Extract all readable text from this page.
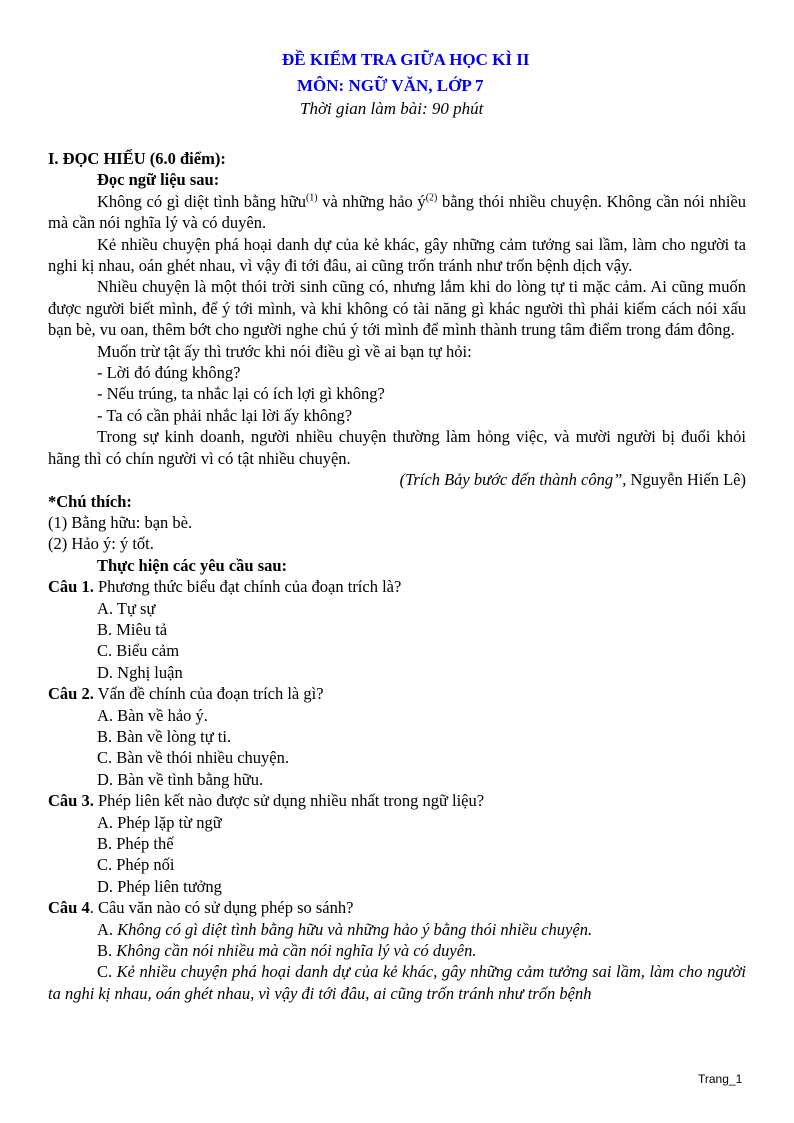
ĐỀ KIỂM TRA GIỮA HỌC KÌ II
MÔN: NGỮ VĂN, LỚP 7
Thời gian làm bài: 90 phút
I. ĐỌC HIỂU (6.0 điểm):
Đọc ngữ liệu sau:
Không có gì diệt tình bằng hữu$^{(1)}$ và những hảo $ý^{(2)}$ bằng thói nhiều chuyện. Không cần nói nhiều mà cần nói nghĩa lý và có duyên.
Kẻ nhiều chuyện phá hoại danh dự của kẻ khác, gây những cảm tưởng sai lầm, làm cho người ta nghi kị nhau, oán ghét nhau, vì vậy đi tới đâu, ai cũng trốn tránh như trốn bệnh dịch vậy.
Nhiều chuyện là một thói trời sinh cũng có, nhưng lắm khi do lòng tự ti mặc cảm. Ai cũng muốn được người biết mình, để ý tới mình, và khi không có tài năng gì khác người thì phải kiếm cách nói xấu bạn bè, vu oan, thêm bớt cho người nghe chú ý tới mình để mình thành trung tâm điểm trong đám đông.
Muốn trừ tật ấy thì trước khi nói điều gì về ai bạn tự hỏi:
- Lời đó đúng không?
- Nếu trúng, ta nhắc lại có ích lợi gì không?
- Ta có cần phải nhắc lại lời ấy không?
Trong sự kinh doanh, người nhiều chuyện thường làm hỏng việc, và mười người bị đuổi khỏi hãng thì có chín người vì có tật nhiều chuyện.
(Trích Bảy bước đến thành công”, Nguyễn Hiến Lê)
*Chú thích:
(1) Bằng hữu: bạn bè.
(2) Hảo ý: ý tốt.
Thực hiện các yêu cầu sau:
Câu 1. Phương thức biểu đạt chính của đoạn trích là?
A. Tự sự
B. Miêu tả
C. Biểu cảm
D. Nghị luận
Câu 2. Vấn đề chính của đoạn trích là gì?
A. Bàn về hảo ý.
B. Bàn về lòng tự ti.
C. Bàn về thói nhiều chuyện.
D. Bàn về tình bằng hữu.
Câu 3. Phép liên kết nào được sử dụng nhiều nhất trong ngữ liệu?
A. Phép lặp từ ngữ
B. Phép thế
C. Phép nối
D. Phép liên tưởng
Câu 4. Câu văn nào có sử dụng phép so sánh?
A. Không có gì diệt tình bằng hữu và những hảo ý bằng thói nhiều chuyện.
B. Không cần nói nhiều mà cần nói nghĩa lý và có duyên.
C. Kẻ nhiều chuyện phá hoại danh dự của kẻ khác, gây những cảm tưởng sai lầm, làm cho người ta nghi kị nhau, oán ghét nhau, vì vậy đi tới đâu, ai cũng trốn tránh như trốn bệnh
Trang_1
